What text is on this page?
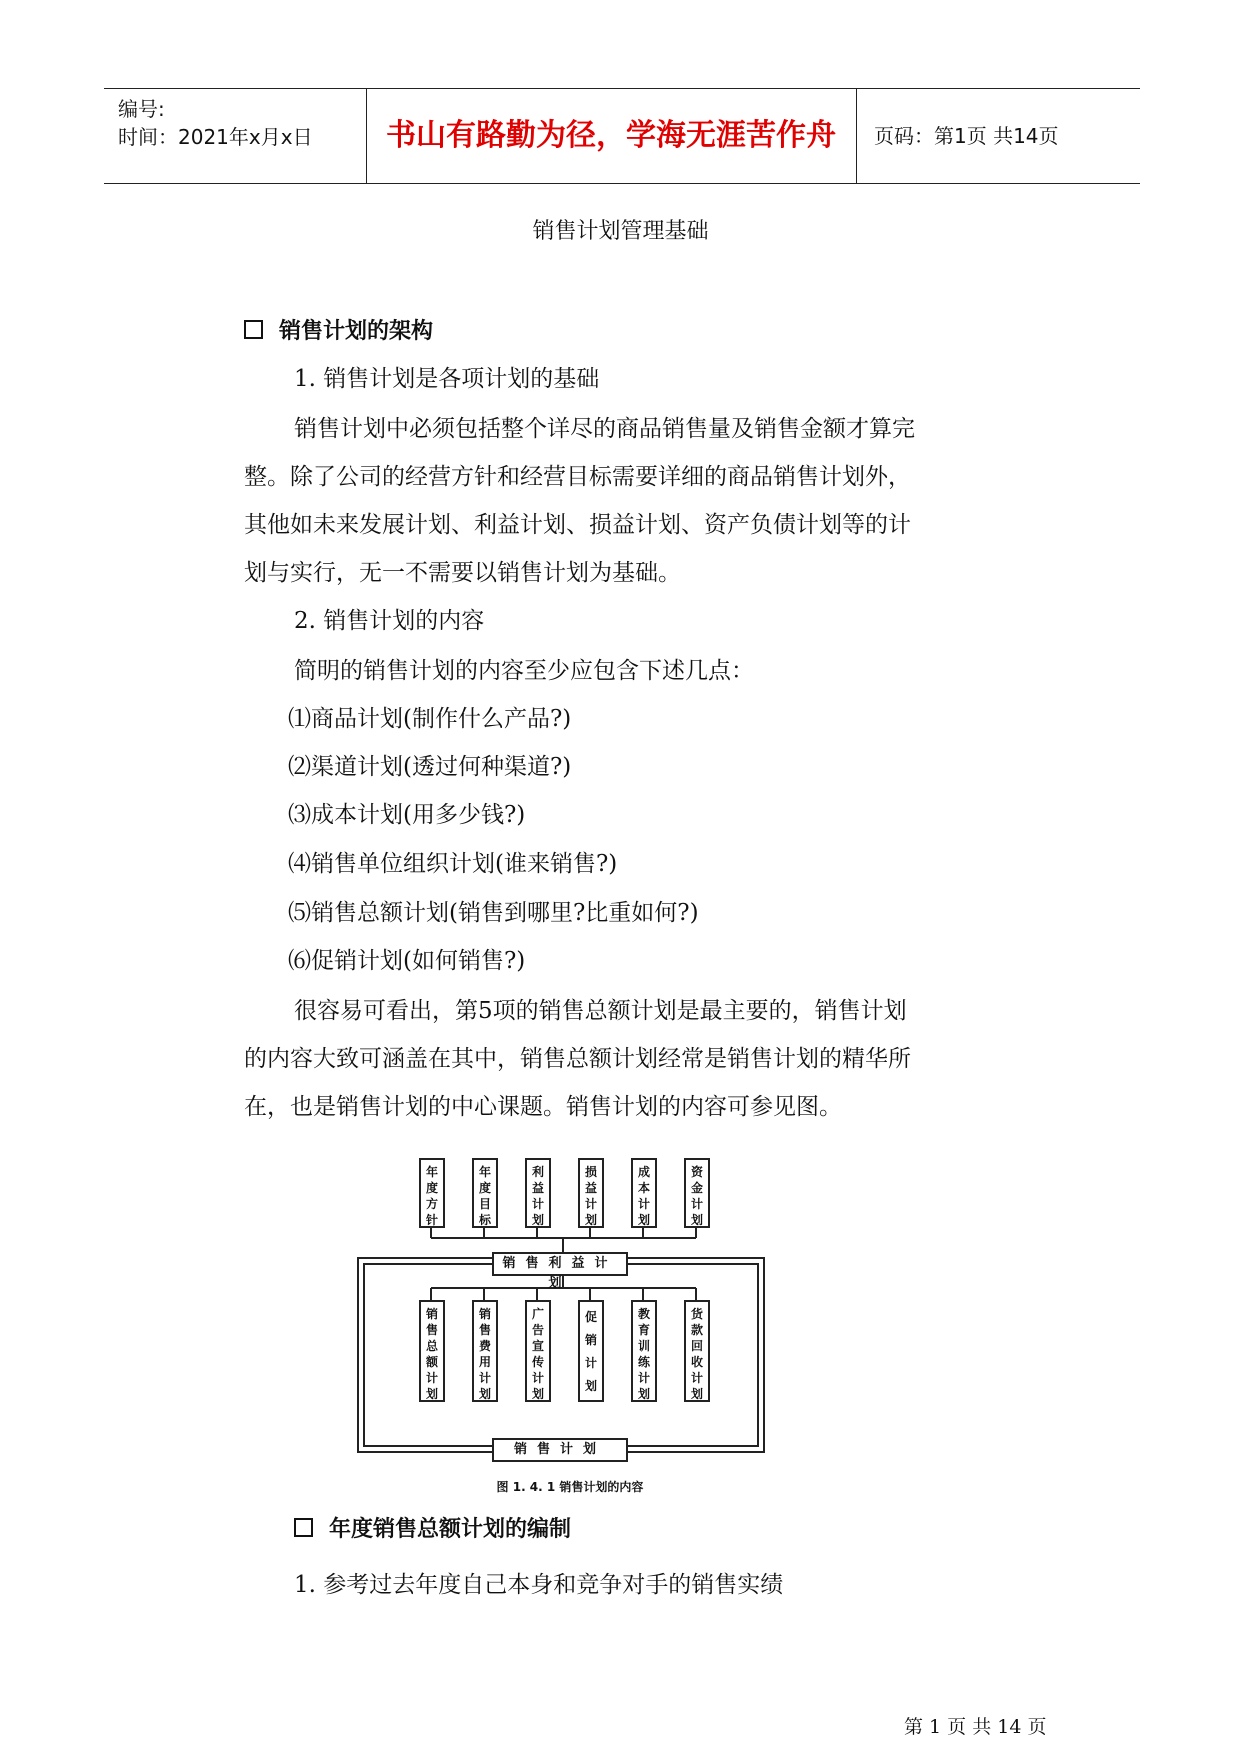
编号:
时间：2021年x月x日	书山有路勤为径，学海无涯苦作舟	页码：第1页 共14页
销售计划管理基础
销售计划的架构
1. 销售计划是各项计划的基础
销售计划中必须包括整个详尽的商品销售量及销售金额才算完
整。除了公司的经营方针和经营目标需要详细的商品销售计划外，
其他如未来发展计划、利益计划、损益计划、资产负债计划等的计
划与实行，无一不需要以销售计划为基础。
2. 销售计划的内容
简明的销售计划的内容至少应包含下述几点：
⑴商品计划(制作什么产品?)
⑵渠道计划(透过何种渠道?)
⑶成本计划(用多少钱?)
⑷销售单位组织计划(谁来销售?)
⑸销售总额计划(销售到哪里?比重如何?)
⑹促销计划(如何销售?)
很容易可看出，第5项的销售总额计划是最主要的，销售计划
的内容大致可涵盖在其中，销售总额计划经常是销售计划的精华所
在，也是销售计划的中心课题。销售计划的内容可参见图。
年度销售总额计划的编制
1. 参考过去年度自己本身和竞争对手的销售实绩
年度方针
年度目标
利益计划
损益计划
成本计划
资金计划
销售利益计划
销售总额计划
销售费用计划
广告宣传计划
促销计划
教育训练计划
货款回收计划
销售计划
图 1. 4. 1 销售计划的内容
第 1 页 共 14 页
